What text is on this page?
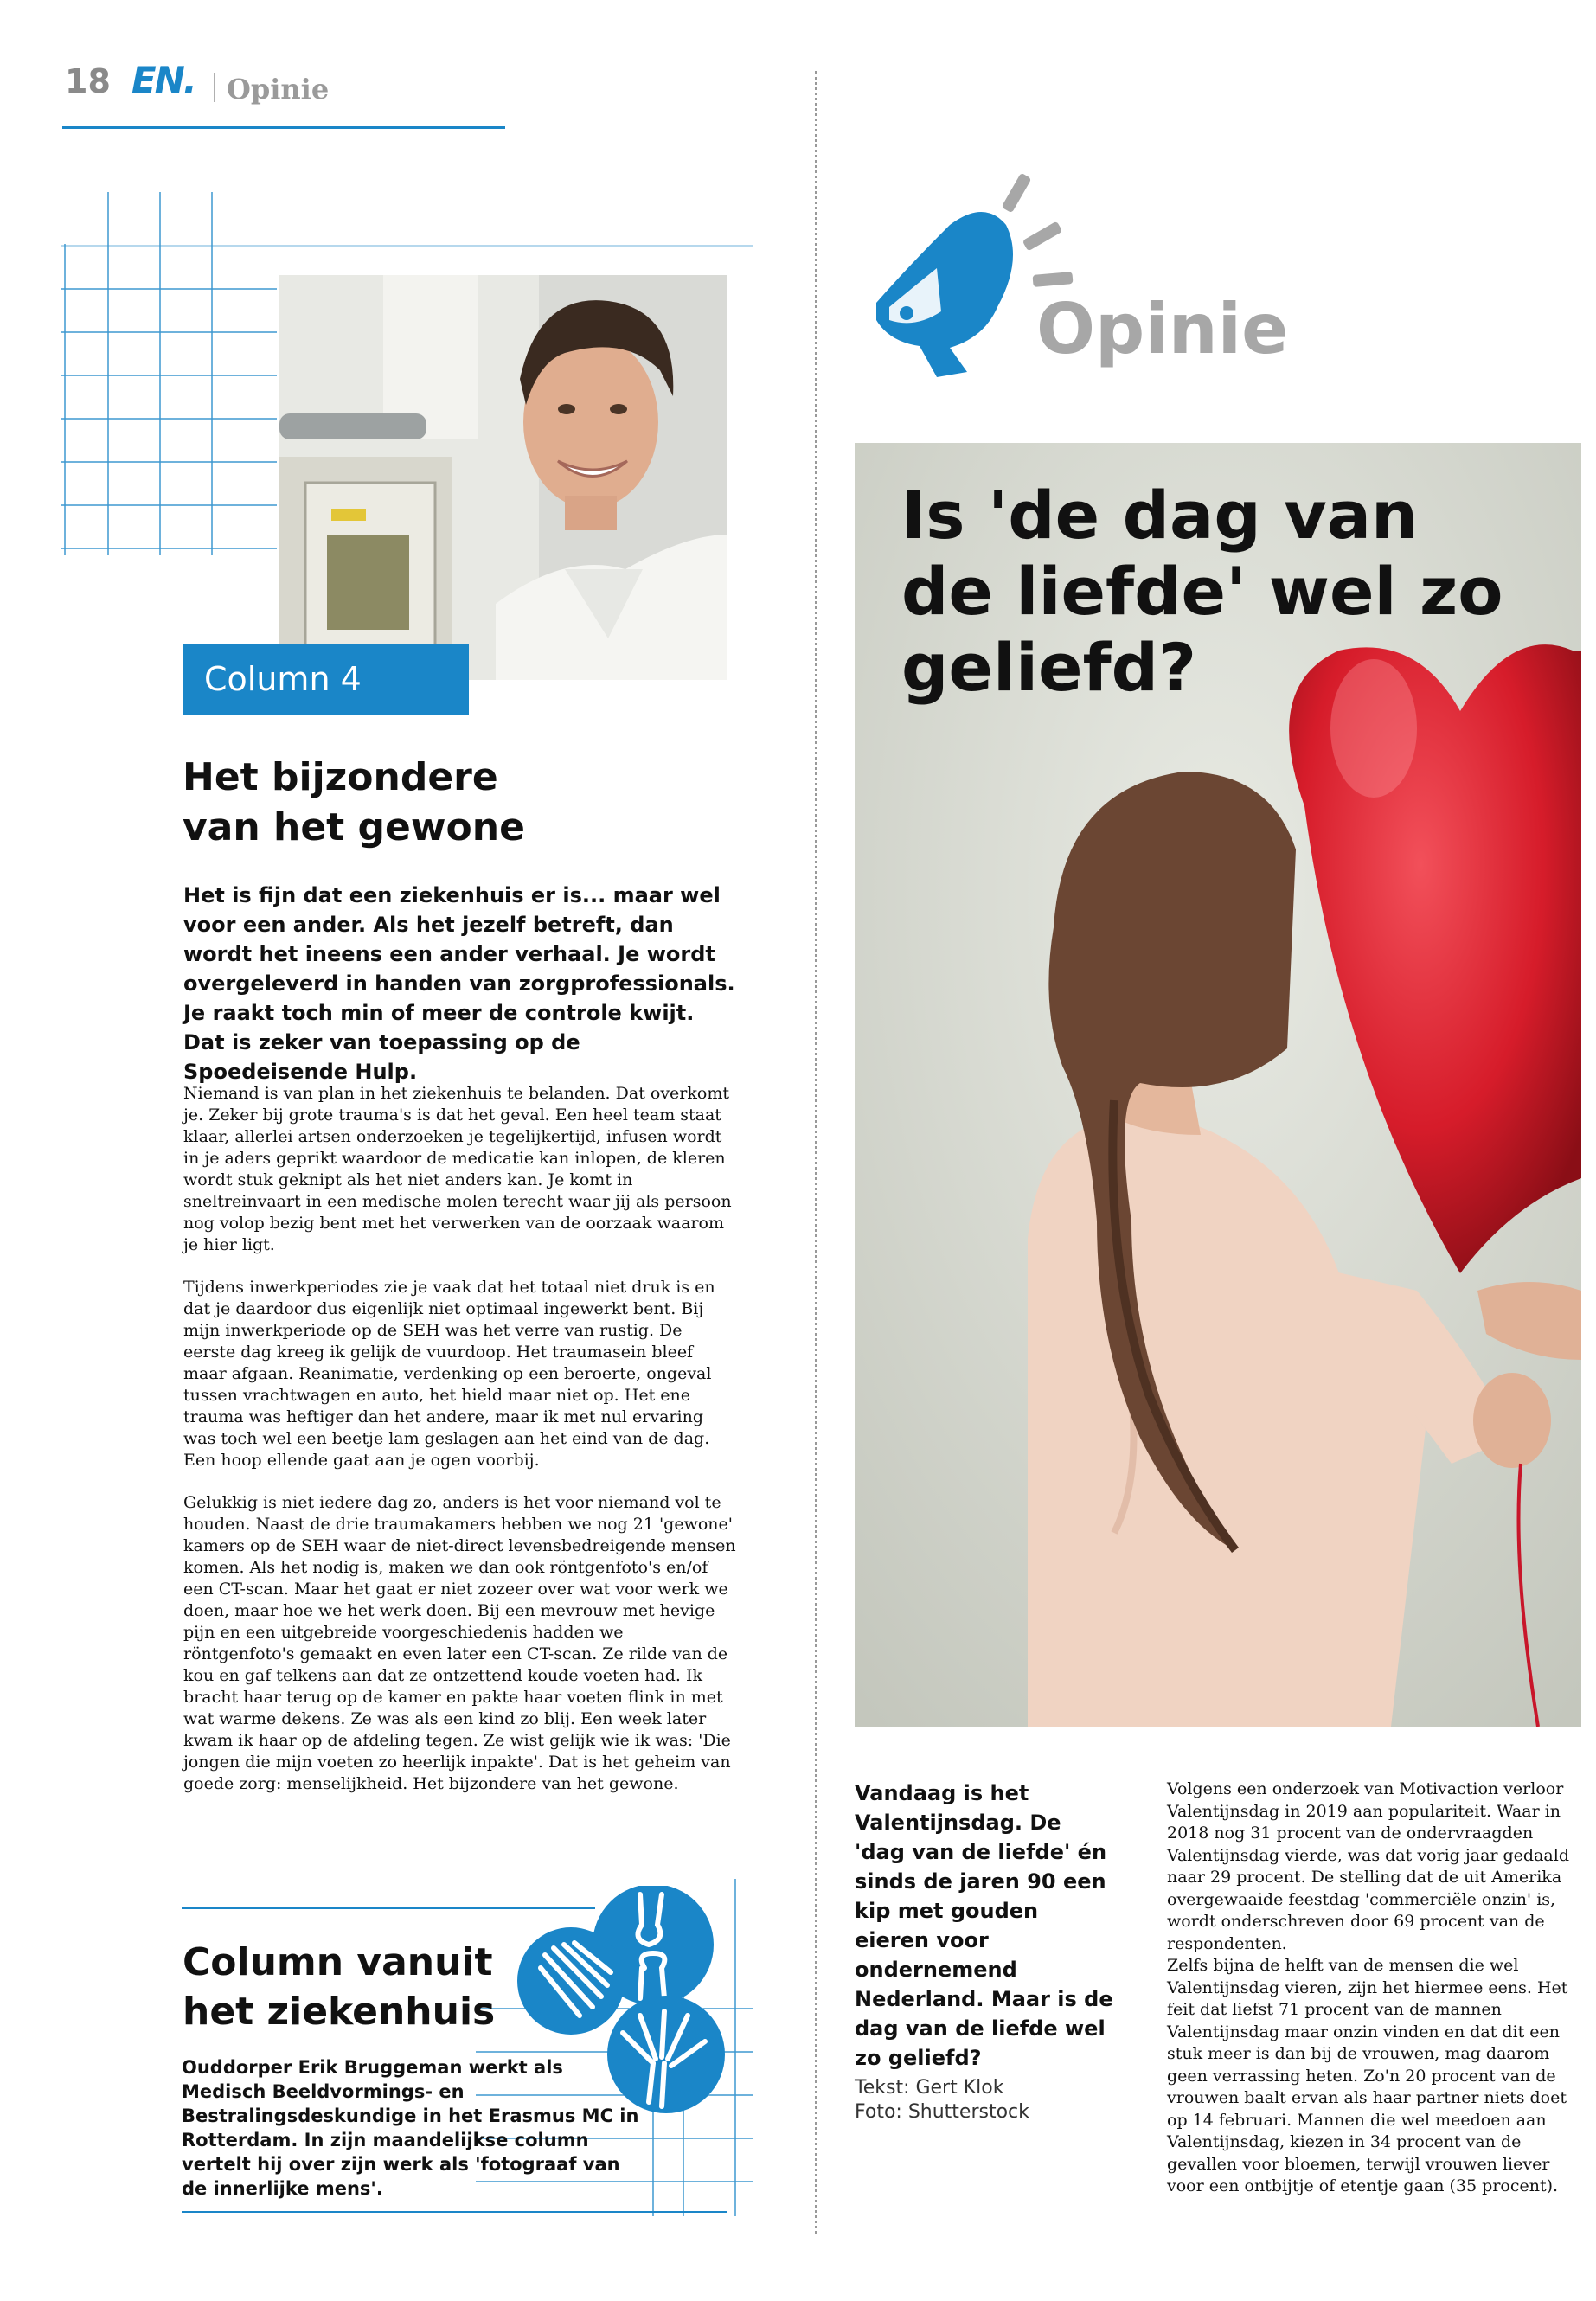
18 EN. Opinie
Column 4
Het bijzondere
van het gewone
Het is fijn dat een ziekenhuis er is... maar wel voor een ander. Als het jezelf betreft, dan wordt het ineens een ander verhaal. Je wordt overgeleverd in handen van zorgprofessionals. Je raakt toch min of meer de controle kwijt. Dat is zeker van toepassing op de Spoedeisende Hulp.

Niemand is van plan in het ziekenhuis te belanden. Dat overkomt je. Zeker bij grote trauma's is dat het geval. Een heel team staat klaar, allerlei artsen onderzoeken je tegelijkertijd, infusen wordt in je aders geprikt waardoor de medicatie kan inlopen, de kleren wordt stuk geknipt als het niet anders kan. Je komt in sneltreinvaart in een medische molen terecht waar jij als persoon nog volop bezig bent met het verwerken van de oorzaak waarom je hier ligt.

Tijdens inwerkperiodes zie je vaak dat het totaal niet druk is en dat je daardoor dus eigenlijk niet optimaal ingewerkt bent. Bij mijn inwerkperiode op de SEH was het verre van rustig. De eerste dag kreeg ik gelijk de vuurdoop. Het traumasein bleef maar afgaan. Reanimatie, verdenking op een beroerte, ongeval tussen vrachtwagen en auto, het hield maar niet op. Het ene trauma was heftiger dan het andere, maar ik met nul ervaring was toch wel een beetje lam geslagen aan het eind van de dag. Een hoop ellende gaat aan je ogen voorbij.

Gelukkig is niet iedere dag zo, anders is het voor niemand vol te houden. Naast de drie traumakamers hebben we nog 21 'gewone' kamers op de SEH waar de niet-direct levensbedreigende mensen komen. Als het nodig is, maken we dan ook röntgenfoto's en/of een CT-scan. Maar het gaat er niet zozeer over wat voor werk we doen, maar hoe we het werk doen. Bij een mevrouw met hevige pijn en een uitgebreide voorgeschiedenis hadden we röntgenfoto's gemaakt en even later een CT-scan. Ze rilde van de kou en gaf telkens aan dat ze ontzettend koude voeten had. Ik bracht haar terug op de kamer en pakte haar voeten flink in met wat warme dekens. Ze was als een kind zo blij. Een week later kwam ik haar op de afdeling tegen. Ze wist gelijk wie ik was: 'Die jongen die mijn voeten zo heerlijk inpakte'. Dat is het geheim van goede zorg: menselijkheid. Het bijzondere van het gewone.

Column vanuit
het ziekenhuis
Ouddorper Erik Bruggeman werkt als Medisch Beeldvormings- en Bestralingsdeskundige in het Erasmus MC in Rotterdam. In zijn maandelijkse column vertelt hij over zijn werk als 'fotograaf van de innerlijke mens'.
Opinie
Is 'de dag van
de liefde' wel zo
geliefd?
Vandaag is het Valentijnsdag. De 'dag van de liefde' én sinds de jaren 90 een kip met gouden eieren voor ondernemend Nederland. Maar is de dag van de liefde wel zo geliefd?
Tekst: Gert Klok
Foto: Shutterstock

Volgens een onderzoek van Motivaction verloor Valentijnsdag in 2019 aan populariteit. Waar in 2018 nog 31 procent van de ondervraagden Valentijnsdag vierde, was dat vorig jaar gedaald naar 29 procent. De stelling dat de uit Amerika overgewaaide feestdag 'commerciële onzin' is, wordt onderschreven door 69 procent van de respondenten.

Zelfs bijna de helft van de mensen die wel Valentijnsdag vieren, zijn het hiermee eens. Het feit dat liefst 71 procent van de mannen Valentijnsdag maar onzin vinden en dat dit een stuk meer is dan bij de vrouwen, mag daarom geen verrassing heten. Zo'n 20 procent van de vrouwen baalt ervan als haar partner niets doet op 14 februari. Mannen die wel meedoen aan Valentijnsdag, kiezen in 34 procent van de gevallen voor bloemen, terwijl vrouwen liever voor een ontbijtje of etentje gaan (35 procent).
